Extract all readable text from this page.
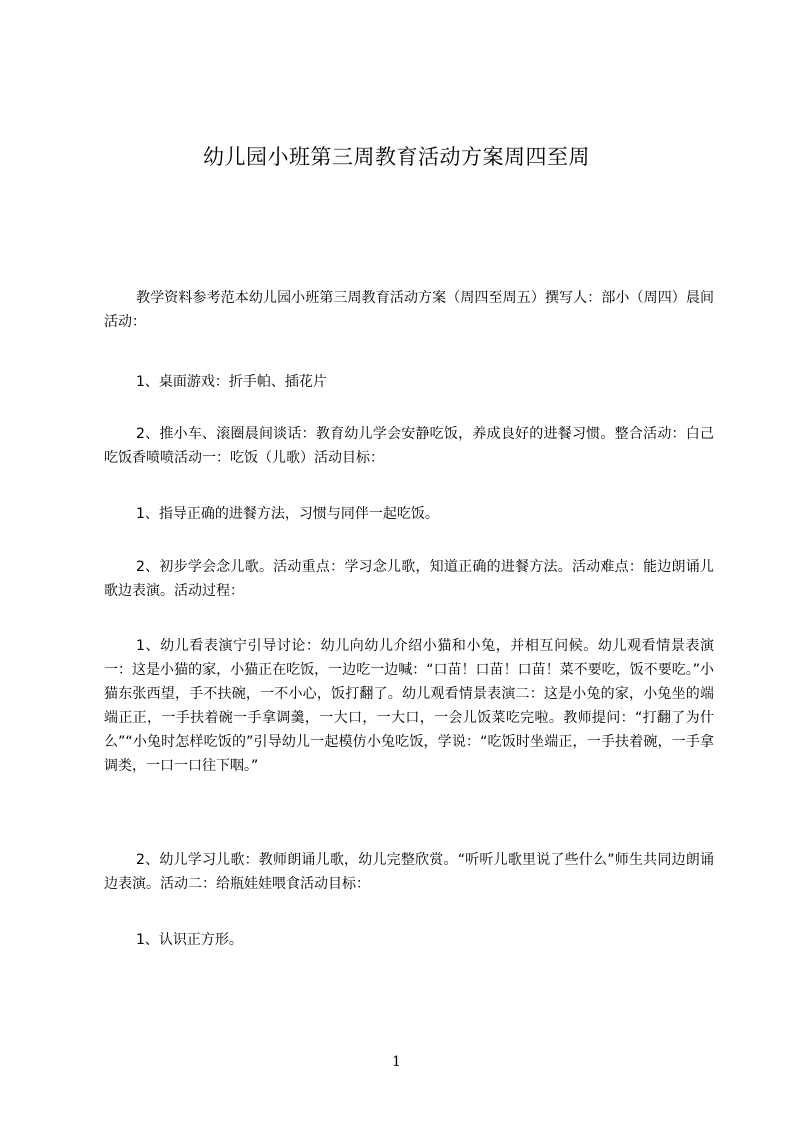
幼儿园小班第三周教育活动方案周四至周

教学资料参考范本幼儿园小班第三周教育活动方案（周四至周五）撰写人：部小（周四）晨间活动：

1、桌面游戏：折手帕、插花片

2、推小车、滚圈晨间谈话：教育幼儿学会安静吃饭，养成良好的进餐习惯。整合活动：白己吃饭香喷喷活动一：吃饭（儿歌）活动目标：

1、指导正确的进餐方法，习惯与同伴一起吃饭。

2、初步学会念儿歌。活动重点：学习念儿歌，知道正确的进餐方法。活动难点：能边朗诵儿歌边表演。活动过程：

1、幼儿看表演宁引导讨论：幼儿向幼儿介绍小猫和小兔，并相互问候。幼儿观看情景表演一：这是小猫的家，小猫正在吃饭，一边吃一边喊：“口苗！口苗！口苗！菜不要吃，饭不要吃。”小猫东张西望，手不扶碗，一不小心，饭打翻了。幼儿观看情景表演二：这是小兔的家，小兔坐的端端正正，一手扶着碗一手拿调羹，一大口，一大口，一会儿饭菜吃完啦。教师提问：“打翻了为什么”“小兔时怎样吃饭的”引导幼儿一起模仿小兔吃饭，学说：“吃饭时坐端正，一手扶着碗，一手拿调类，一口一口往下咽。”

2、幼儿学习儿歌：教师朗诵儿歌，幼儿完整欣赏。“听听儿歌里说了些什么”师生共同边朗诵边表演。活动二：给瓶娃娃喂食活动目标：

1、认识正方形。

1
